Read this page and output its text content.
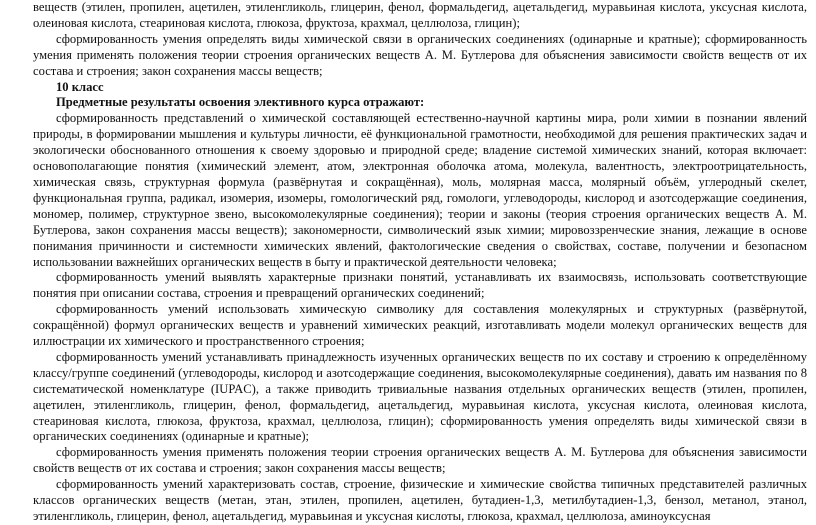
веществ (этилен, пропилен, ацетилен, этиленгликоль, глицерин, фенол, формальдегид, ацетальдегид, муравьиная кислота, уксусная кислота, олеиновая кислота, стеариновая кислота, глюкоза, фруктоза, крахмал, целлюлоза, глицин);

сформированность умения определять виды химической связи в органических соединениях (одинарные и кратные); сформированность умения применять положения теории строения органических веществ А. М. Бутлерова для объяснения зависимости свойств веществ от их состава и строения; закон сохранения массы веществ;

10 класс

Предметные результаты освоения элективного курса отражают:

сформированность представлений о химической составляющей естественно-научной картины мира, роли химии в познании явлений природы, в формировании мышления и культуры личности, её функциональной грамотности, необходимой для решения практических задач и экологически обоснованного отношения к своему здоровью и природной среде; владение системой химических знаний, которая включает: основополагающие понятия (химический элемент, атом, электронная оболочка атома, молекула, валентность, электроотрицательность, химическая связь, структурная формула (развёрнутая и сокращённая), моль, молярная масса, молярный объём, углеродный скелет, функциональная группа, радикал, изомерия, изомеры, гомологический ряд, гомологи, углеводороды, кислород и азотсодержащие соединения, мономер, полимер, структурное звено, высокомолекулярные соединения); теории и законы (теория строения органических веществ А. М. Бутлерова, закон сохранения массы веществ); закономерности, символический язык химии; мировоззренческие знания, лежащие в основе понимания причинности и системности химических явлений, фактологические сведения о свойствах, составе, получении и безопасном использовании важнейших органических веществ в быту и практической деятельности человека;

сформированность умений выявлять характерные признаки понятий, устанавливать их взаимосвязь, использовать соответствующие понятия при описании состава, строения и превращений органических соединений;

сформированность умений использовать химическую символику для составления молекулярных и структурных (развёрнутой, сокращённой) формул органических веществ и уравнений химических реакций, изготавливать модели молекул органических веществ для иллюстрации их химического и пространственного строения;

сформированность умений устанавливать принадлежность изученных органических веществ по их составу и строению к определённому классу/группе соединений (углеводороды, кислород и азотсодержащие соединения, высокомолекулярные соединения), давать им названия по 8 систематической номенклатуре (IUPAC), а также приводить тривиальные названия отдельных органических веществ (этилен, пропилен, ацетилен, этиленгликоль, глицерин, фенол, формальдегид, ацетальдегид, муравьиная кислота, уксусная кислота, олеиновая кислота, стеариновая кислота, глюкоза, фруктоза, крахмал, целлюлоза, глицин); сформированность умения определять виды химической связи в органических соединениях (одинарные и кратные);

сформированность умения применять положения теории строения органических веществ А. М. Бутлерова для объяснения зависимости свойств веществ от их состава и строения; закон сохранения массы веществ;

сформированность умений характеризовать состав, строение, физические и химические свойства типичных представителей различных классов органических веществ (метан, этан, этилен, пропилен, ацетилен, бутадиен-1,3, метилбутадиен-1,3, бензол, метанол, этанол, этиленгликоль, глицерин, фенол, ацетальдегид, муравьиная и уксусная кислоты, глюкоза, крахмал, целлюлоза, аминоуксусная
